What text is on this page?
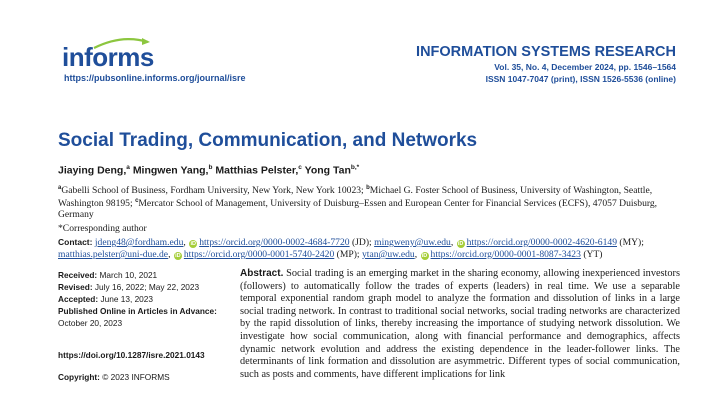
informs
https://pubsonline.informs.org/journal/isre
INFORMATION SYSTEMS RESEARCH
Vol. 35, No. 4, December 2024, pp. 1546–1564
ISSN 1047-7047 (print), ISSN 1526-5536 (online)
Social Trading, Communication, and Networks
Jiaying Deng,$^a$ Mingwen Yang,$^b$ Matthias Pelster,$^c$ Yong Tan$^{b,*}$
$^a$Gabelli School of Business, Fordham University, New York, New York 10023; $^b$Michael G. Foster School of Business, University of Washington, Seattle, Washington 98195; $^c$Mercator School of Management, University of Duisburg–Essen and European Center for Financial Services (ECFS), 47057 Duisburg, Germany
*Corresponding author
Contact: jdeng48@fordham.edu, iD https://orcid.org/0000-0002-4684-7720 (JD); mingweny@uw.edu, iD https://orcid.org/0000-0002-4620-6149 (MY); matthias.pelster@uni-due.de, iD https://orcid.org/0000-0001-5740-2420 (MP); ytan@uw.edu, iD https://orcid.org/0000-0001-8087-3423 (YT)
Received: March 10, 2021
Revised: July 16, 2022; May 22, 2023
Accepted: June 13, 2023
Published Online in Articles in Advance:
October 20, 2023
https://doi.org/10.1287/isre.2021.0143
Copyright: © 2023 INFORMS
Abstract. Social trading is an emerging market in the sharing economy, allowing inexperienced investors (followers) to automatically follow the trades of experts (leaders) in real time. We use a separable temporal exponential random graph model to analyze the formation and dissolution of links in a large social trading network. In contrast to traditional social networks, social trading networks are characterized by the rapid dissolution of links, thereby increasing the importance of studying network dissolution. We investigate how social communication, along with financial performance and demographics, affects dynamic network evolution and address the existing dependence in the leader-follower links. The determinants of link formation and dissolution are asymmetric. Different types of social communication, such as posts and comments, have different implications for link
